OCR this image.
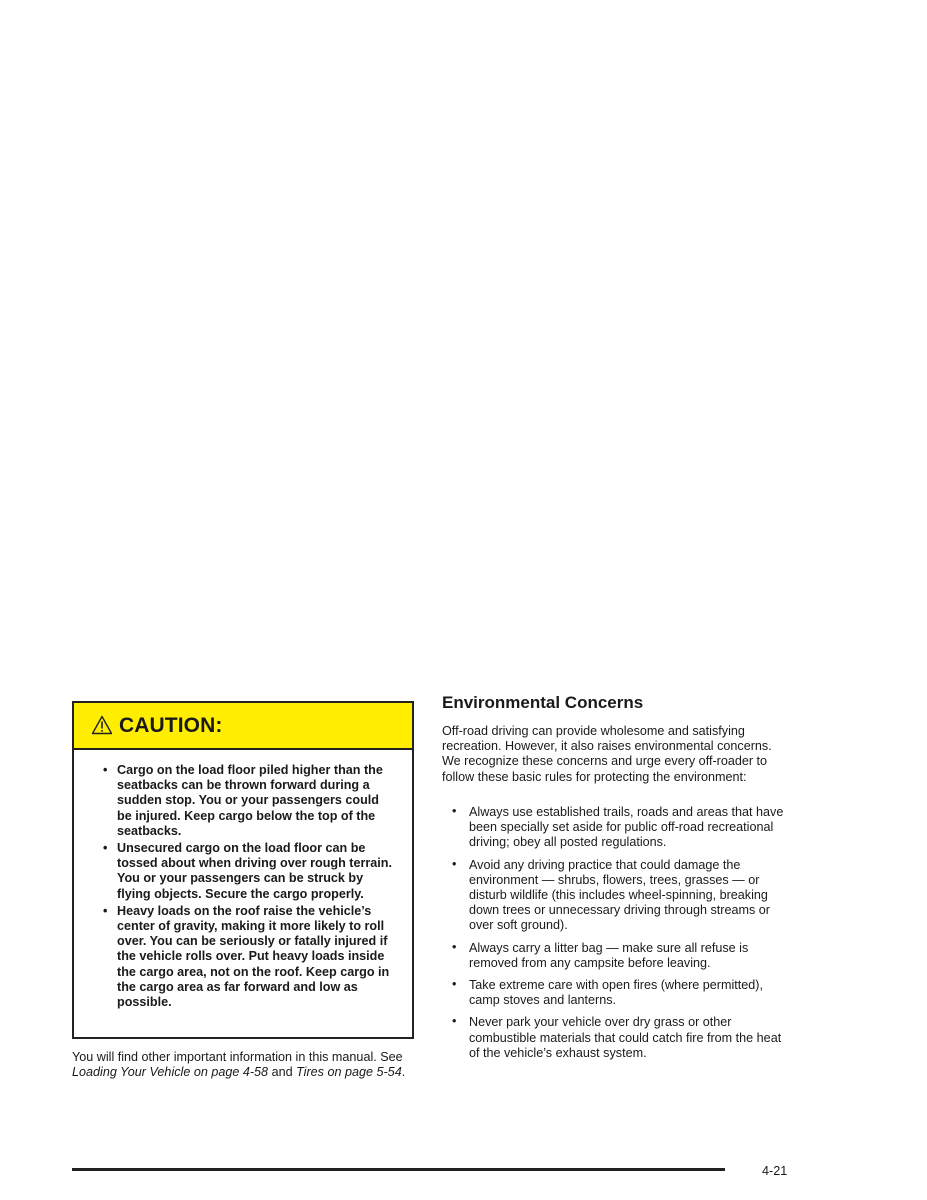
CAUTION:
• Cargo on the load floor piled higher than the seatbacks can be thrown forward during a sudden stop. You or your passengers could be injured. Keep cargo below the top of the seatbacks.
• Unsecured cargo on the load floor can be tossed about when driving over rough terrain. You or your passengers can be struck by flying objects. Secure the cargo properly.
• Heavy loads on the roof raise the vehicle’s center of gravity, making it more likely to roll over. You can be seriously or fatally injured if the vehicle rolls over. Put heavy loads inside the cargo area, not on the roof. Keep cargo in the cargo area as far forward and low as possible.

You will find other important information in this manual. See Loading Your Vehicle on page 4-58 and Tires on page 5-54.

Environmental Concerns

Off-road driving can provide wholesome and satisfying recreation. However, it also raises environmental concerns. We recognize these concerns and urge every off-roader to follow these basic rules for protecting the environment:

• Always use established trails, roads and areas that have been specially set aside for public off-road recreational driving; obey all posted regulations.
• Avoid any driving practice that could damage the environment — shrubs, flowers, trees, grasses — or disturb wildlife (this includes wheel-spinning, breaking down trees or unnecessary driving through streams or over soft ground).
• Always carry a litter bag — make sure all refuse is removed from any campsite before leaving.
• Take extreme care with open fires (where permitted), camp stoves and lanterns.
• Never park your vehicle over dry grass or other combustible materials that could catch fire from the heat of the vehicle’s exhaust system.
4-21
